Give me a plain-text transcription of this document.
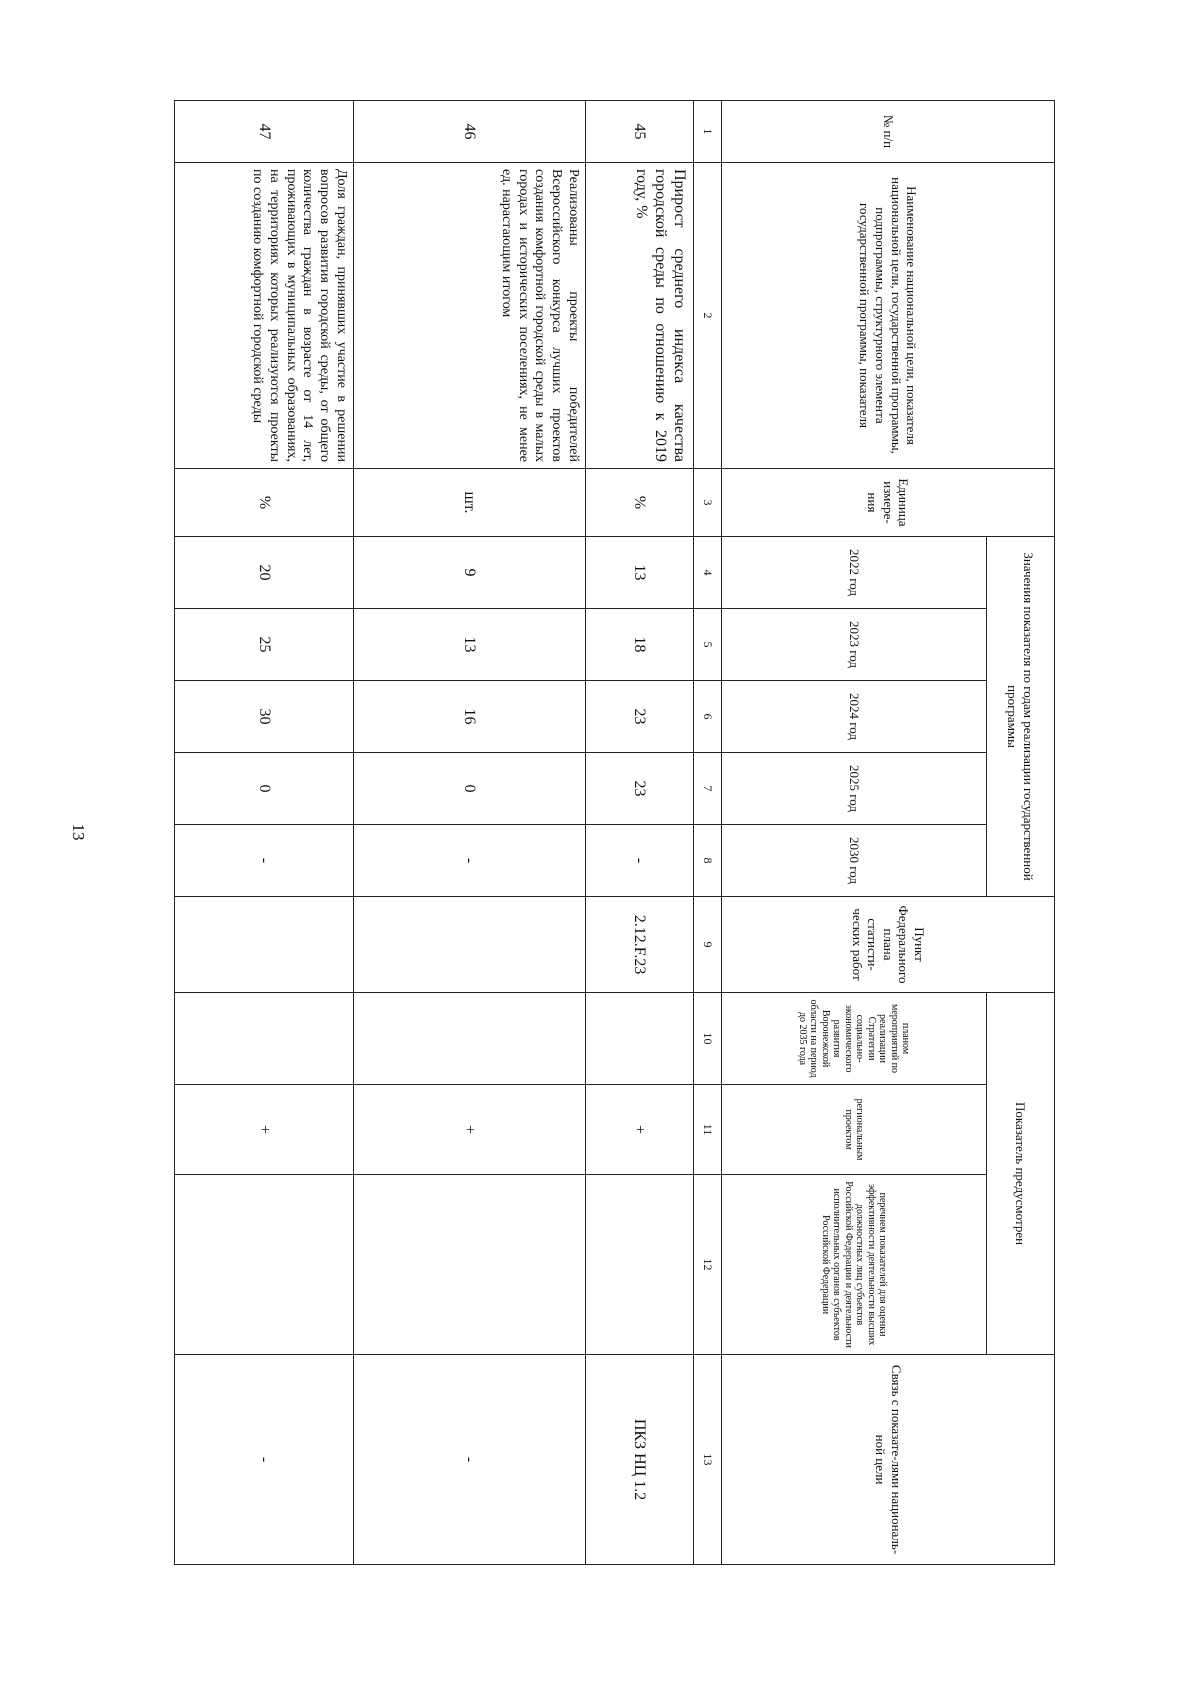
13
№ п/п	Наименование национальной цели, показателя национальной цели, государственной программы, подпрограммы, структурного элемента государственной программы, показателя	Единица измере-ния	Значения показателя по годам реализации государственной программы					Пункт Федерального плана статисти-ческих работ	Показатель предусмотрен			Связь с показате-лями националь-ной цели
			2022 год	2023 год	2024 год	2025 год	2030 год		планом мероприятий по реализации Стратегии социально-экономического развития Воронежской области на период до 2035 года	региональным проектом	перечнем показателей для оценки эффективности деятельности высших должностных лиц субъектов Российской Федерации и деятельности исполнительных органов субъектов Российской Федерации	
1	2	3	4	5	6	7	8	9	10	11	12	13
45	Прирост среднего индекса качества городской среды по отношению к 2019 году, %	%	13	18	23	23	-	2.12.F.23		+		ПКЗ НЦ 1.2
46	Реализованы проекты победителей Всероссийского конкурса лучших проектов создания комфортной городской среды в малых городах и исторических поселениях, не менее ед. нарастающим итогом	шт.	9	13	16	0	-			+		-
47	Доля граждан, принявших участие в решении вопросов развития городской среды, от общего количества граждан в возрасте от 14 лет, проживающих в муниципальных образованиях, на территориях которых реализуются проекты по созданию комфортной городской среды	%	20	25	30	0	-			+		-
